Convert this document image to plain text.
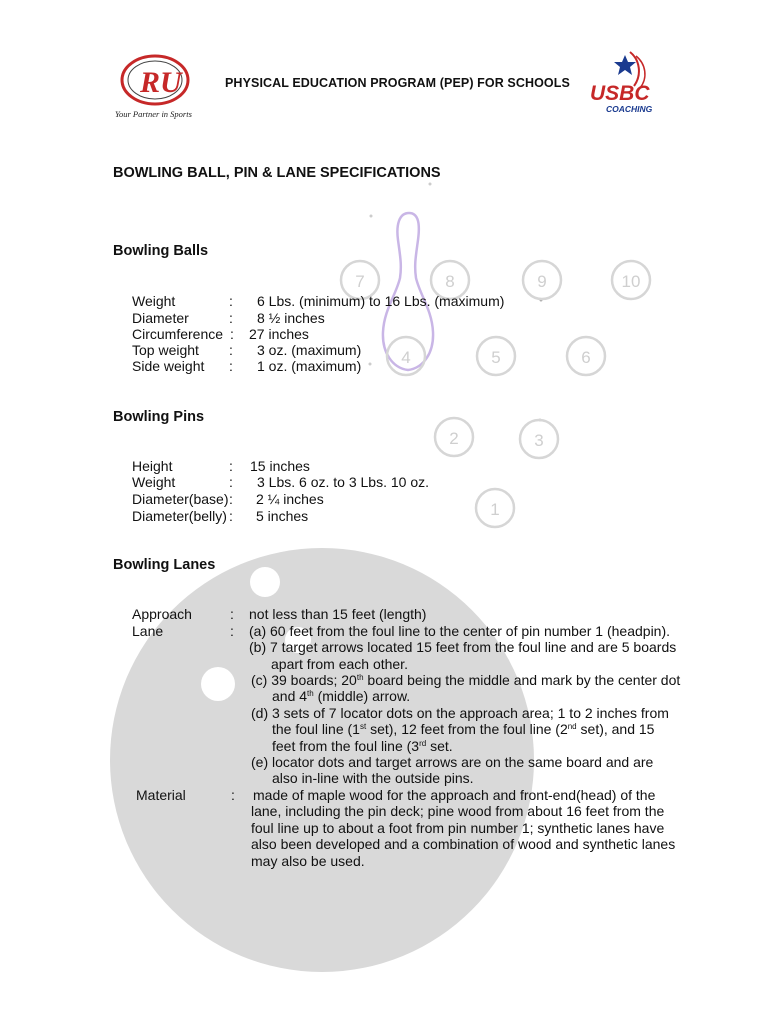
7	8	9	10
4	5	6
2	3
1
RU
Your Partner in Sports
USBC
COACHING
PHYSICAL EDUCATION PROGRAM (PEP) FOR SCHOOLS
BOWLING BALL, PIN & LANE SPECIFICATIONS
Bowling Balls
Weight	: 6 Lbs. (minimum) to 16 Lbs. (maximum)
Diameter	: 8 ½ inches
Circumference : 27 inches
Top weight : 3 oz. (maximum)
Side weight : 1 oz. (maximum)
Bowling Pins
Height	: 15 inches
Weight	: 3 Lbs. 6 oz. to 3 Lbs. 10 oz.
Diameter(base) : 2 ¼ inches
Diameter(belly) : 5 inches
Bowling Lanes
Approach	: not less than 15 feet (length)
Lane	: (a) 60 feet from the foul line to the center of pin number 1 (headpin).
(b) 7 target arrows located 15 feet from the foul line and are 5 boards
apart from each other.
(c) 39 boards; 20th board being the middle and mark by the center dot
and 4th (middle) arrow.
(d) 3 sets of 7 locator dots on the approach area; 1 to 2 inches from
the foul line (1st set), 12 feet from the foul line (2nd set), and 15
feet from the foul line (3rd set.
(e) locator dots and target arrows are on the same board and are
also in-line with the outside pins.
Material	: made of maple wood for the approach and front-end(head) of the
lane, including the pin deck; pine wood from about 16 feet from the
foul line up to about a foot from pin number 1; synthetic lanes have
also been developed and a combination of wood and synthetic lanes
may also be used.
